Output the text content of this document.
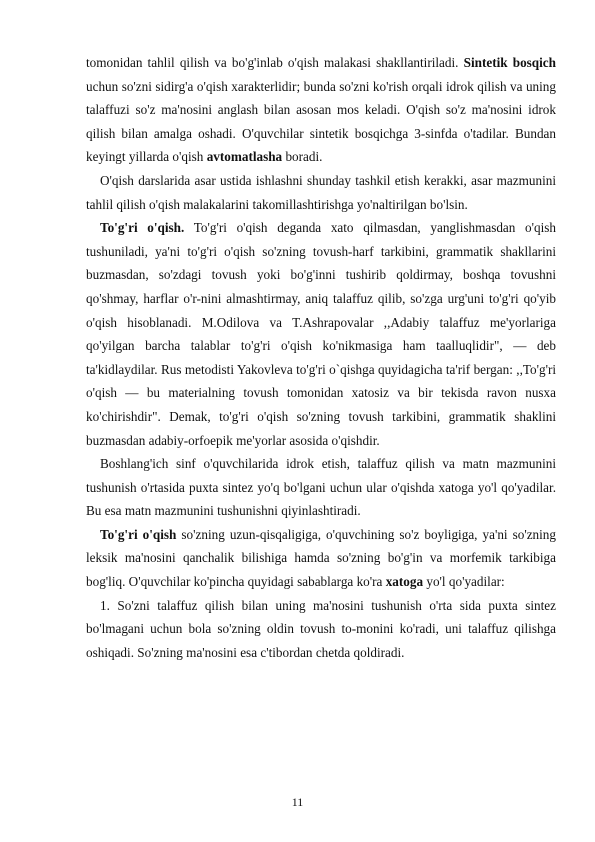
tomonidan tahlil qilish va bo'g'inlab o'qish malakasi shakllantiriladi. Sintetik bosqich uchun so'zni sidirg'a o'qish xarakterlidir; bunda so'zni ko'rish orqali idrok qilish va uning talaffuzi so'z ma'nosini anglash bilan asosan mos keladi. O'qish so'z ma'nosini idrok qilish bilan amalga oshadi. O'quvchilar sintetik bosqichga 3-sinfda o'tadilar. Bundan keyingt yillarda o'qish avtomatlasha boradi.

O'qish darslarida asar ustida ishlashni shunday tashkil etish kerakki, asar mazmunini tahlil qilish o'qish malakalarini takomillashtirishga yo'naltirilgan bo'lsin.

To'g'ri o'qish. To'g'ri o'qish deganda xato qilmasdan, yanglishmasdan o'qish tushuniladi, ya'ni to'g'ri o'qish so'zning tovush-harf tarkibini, grammatik shakllarini buzmasdan, so'zdagi tovush yoki bo'g'inni tushirib qoldirmay, boshqa tovushni qo'shmay, harflar o'r-nini almashtirmay, aniq talaffuz qilib, so'zga urg'uni to'g'ri qo'yib o'qish hisoblanadi. M.Odilova va T.Ashrapovalar ,,Adabiy talaffuz me'yorlariga qo'yilgan barcha talablar to'g'ri o'qish ko'nikmasiga ham taalluqlidir", — deb ta'kidlaydilar. Rus metodisti Yakovleva to'g'ri o`qishga quyidagicha ta'rif bergan: ,,To'g'ri o'qish — bu materialning tovush tomonidan xatosiz va bir tekisda ravon nusxa ko'chirishdir". Demak, to'g'ri o'qish so'zning tovush tarkibini, grammatik shaklini buzmasdan adabiy-orfoepik me'yorlar asosida o'qishdir.

Boshlang'ich sinf o'quvchilarida idrok etish, talaffuz qilish va matn mazmunini tushunish o'rtasida puxta sintez yo'q bo'lgani uchun ular o'qishda xatoga yo'l qo'yadilar. Bu esa matn mazmunini tushunishni qiyinlashtiradi.

To'g'ri o'qish so'zning uzun-qisqaligiga, o'quvchining so'z boyligiga, ya'ni so'zning leksik ma'nosini qanchalik bilishiga hamda so'zning bo'g'in va morfemik tarkibiga bog'liq. O'quvchilar ko'pincha quyidagi sabablarga ko'ra xatoga yo'l qo'yadilar:

1. So'zni talaffuz qilish bilan uning ma'nosini tushunish o'rta sida puxta sintez bo'lmagani uchun bola so'zning oldin tovush to-monini ko'radi, uni talaffuz qilishga oshiqadi. So'zning ma'nosini esa c'tibordan chetda qoldiradi.

11
